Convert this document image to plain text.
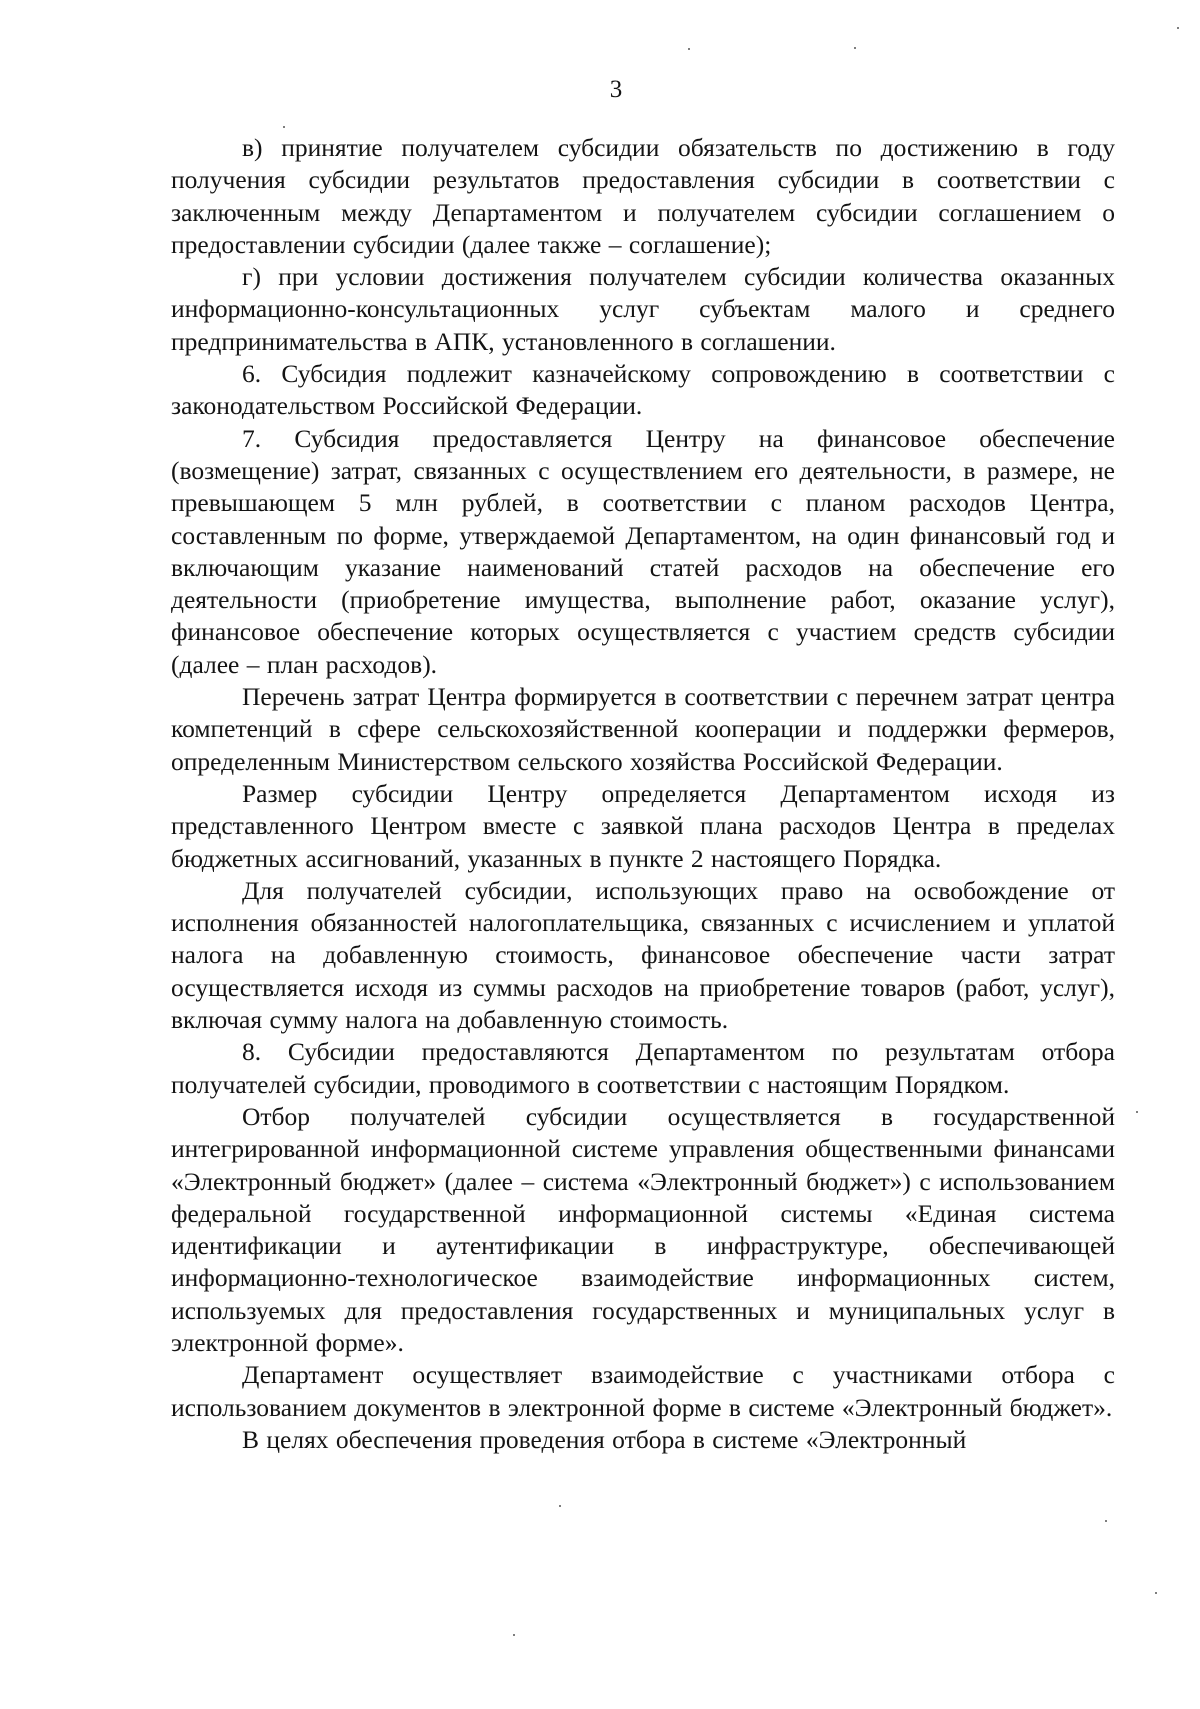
3

в) принятие получателем субсидии обязательств по достижению в году получения субсидии результатов предоставления субсидии в соответствии с заключенным между Департаментом и получателем субсидии соглашением о предоставлении субсидии (далее также – соглашение);

г) при условии достижения получателем субсидии количества оказанных информационно-консультационных услуг субъектам малого и среднего предпринимательства в АПК, установленного в соглашении.

6. Субсидия подлежит казначейскому сопровождению в соответствии с законодательством Российской Федерации.

7. Субсидия предоставляется Центру на финансовое обеспечение (возмещение) затрат, связанных с осуществлением его деятельности, в размере, не превышающем 5 млн рублей, в соответствии с планом расходов Центра, составленным по форме, утверждаемой Департаментом, на один финансовый год и включающим указание наименований статей расходов на обеспечение его деятельности (приобретение имущества, выполнение работ, оказание услуг), финансовое обеспечение которых осуществляется с участием средств субсидии (далее – план расходов).

Перечень затрат Центра формируется в соответствии с перечнем затрат центра компетенций в сфере сельскохозяйственной кооперации и поддержки фермеров, определенным Министерством сельского хозяйства Российской Федерации.

Размер субсидии Центру определяется Департаментом исходя из представленного Центром вместе с заявкой плана расходов Центра в пределах бюджетных ассигнований, указанных в пункте 2 настоящего Порядка.

Для получателей субсидии, использующих право на освобождение от исполнения обязанностей налогоплательщика, связанных с исчислением и уплатой налога на добавленную стоимость, финансовое обеспечение части затрат осуществляется исходя из суммы расходов на приобретение товаров (работ, услуг), включая сумму налога на добавленную стоимость.

8. Субсидии предоставляются Департаментом по результатам отбора получателей субсидии, проводимого в соответствии с настоящим Порядком.

Отбор получателей субсидии осуществляется в государственной интегрированной информационной системе управления общественными финансами «Электронный бюджет» (далее – система «Электронный бюджет») с использованием федеральной государственной информационной системы «Единая система идентификации и аутентификации в инфраструктуре, обеспечивающей информационно-технологическое взаимодействие информационных систем, используемых для предоставления государственных и муниципальных услуг в электронной форме».

Департамент осуществляет взаимодействие с участниками отбора с использованием документов в электронной форме в системе «Электронный бюджет».

В целях обеспечения проведения отбора в системе «Электронный
